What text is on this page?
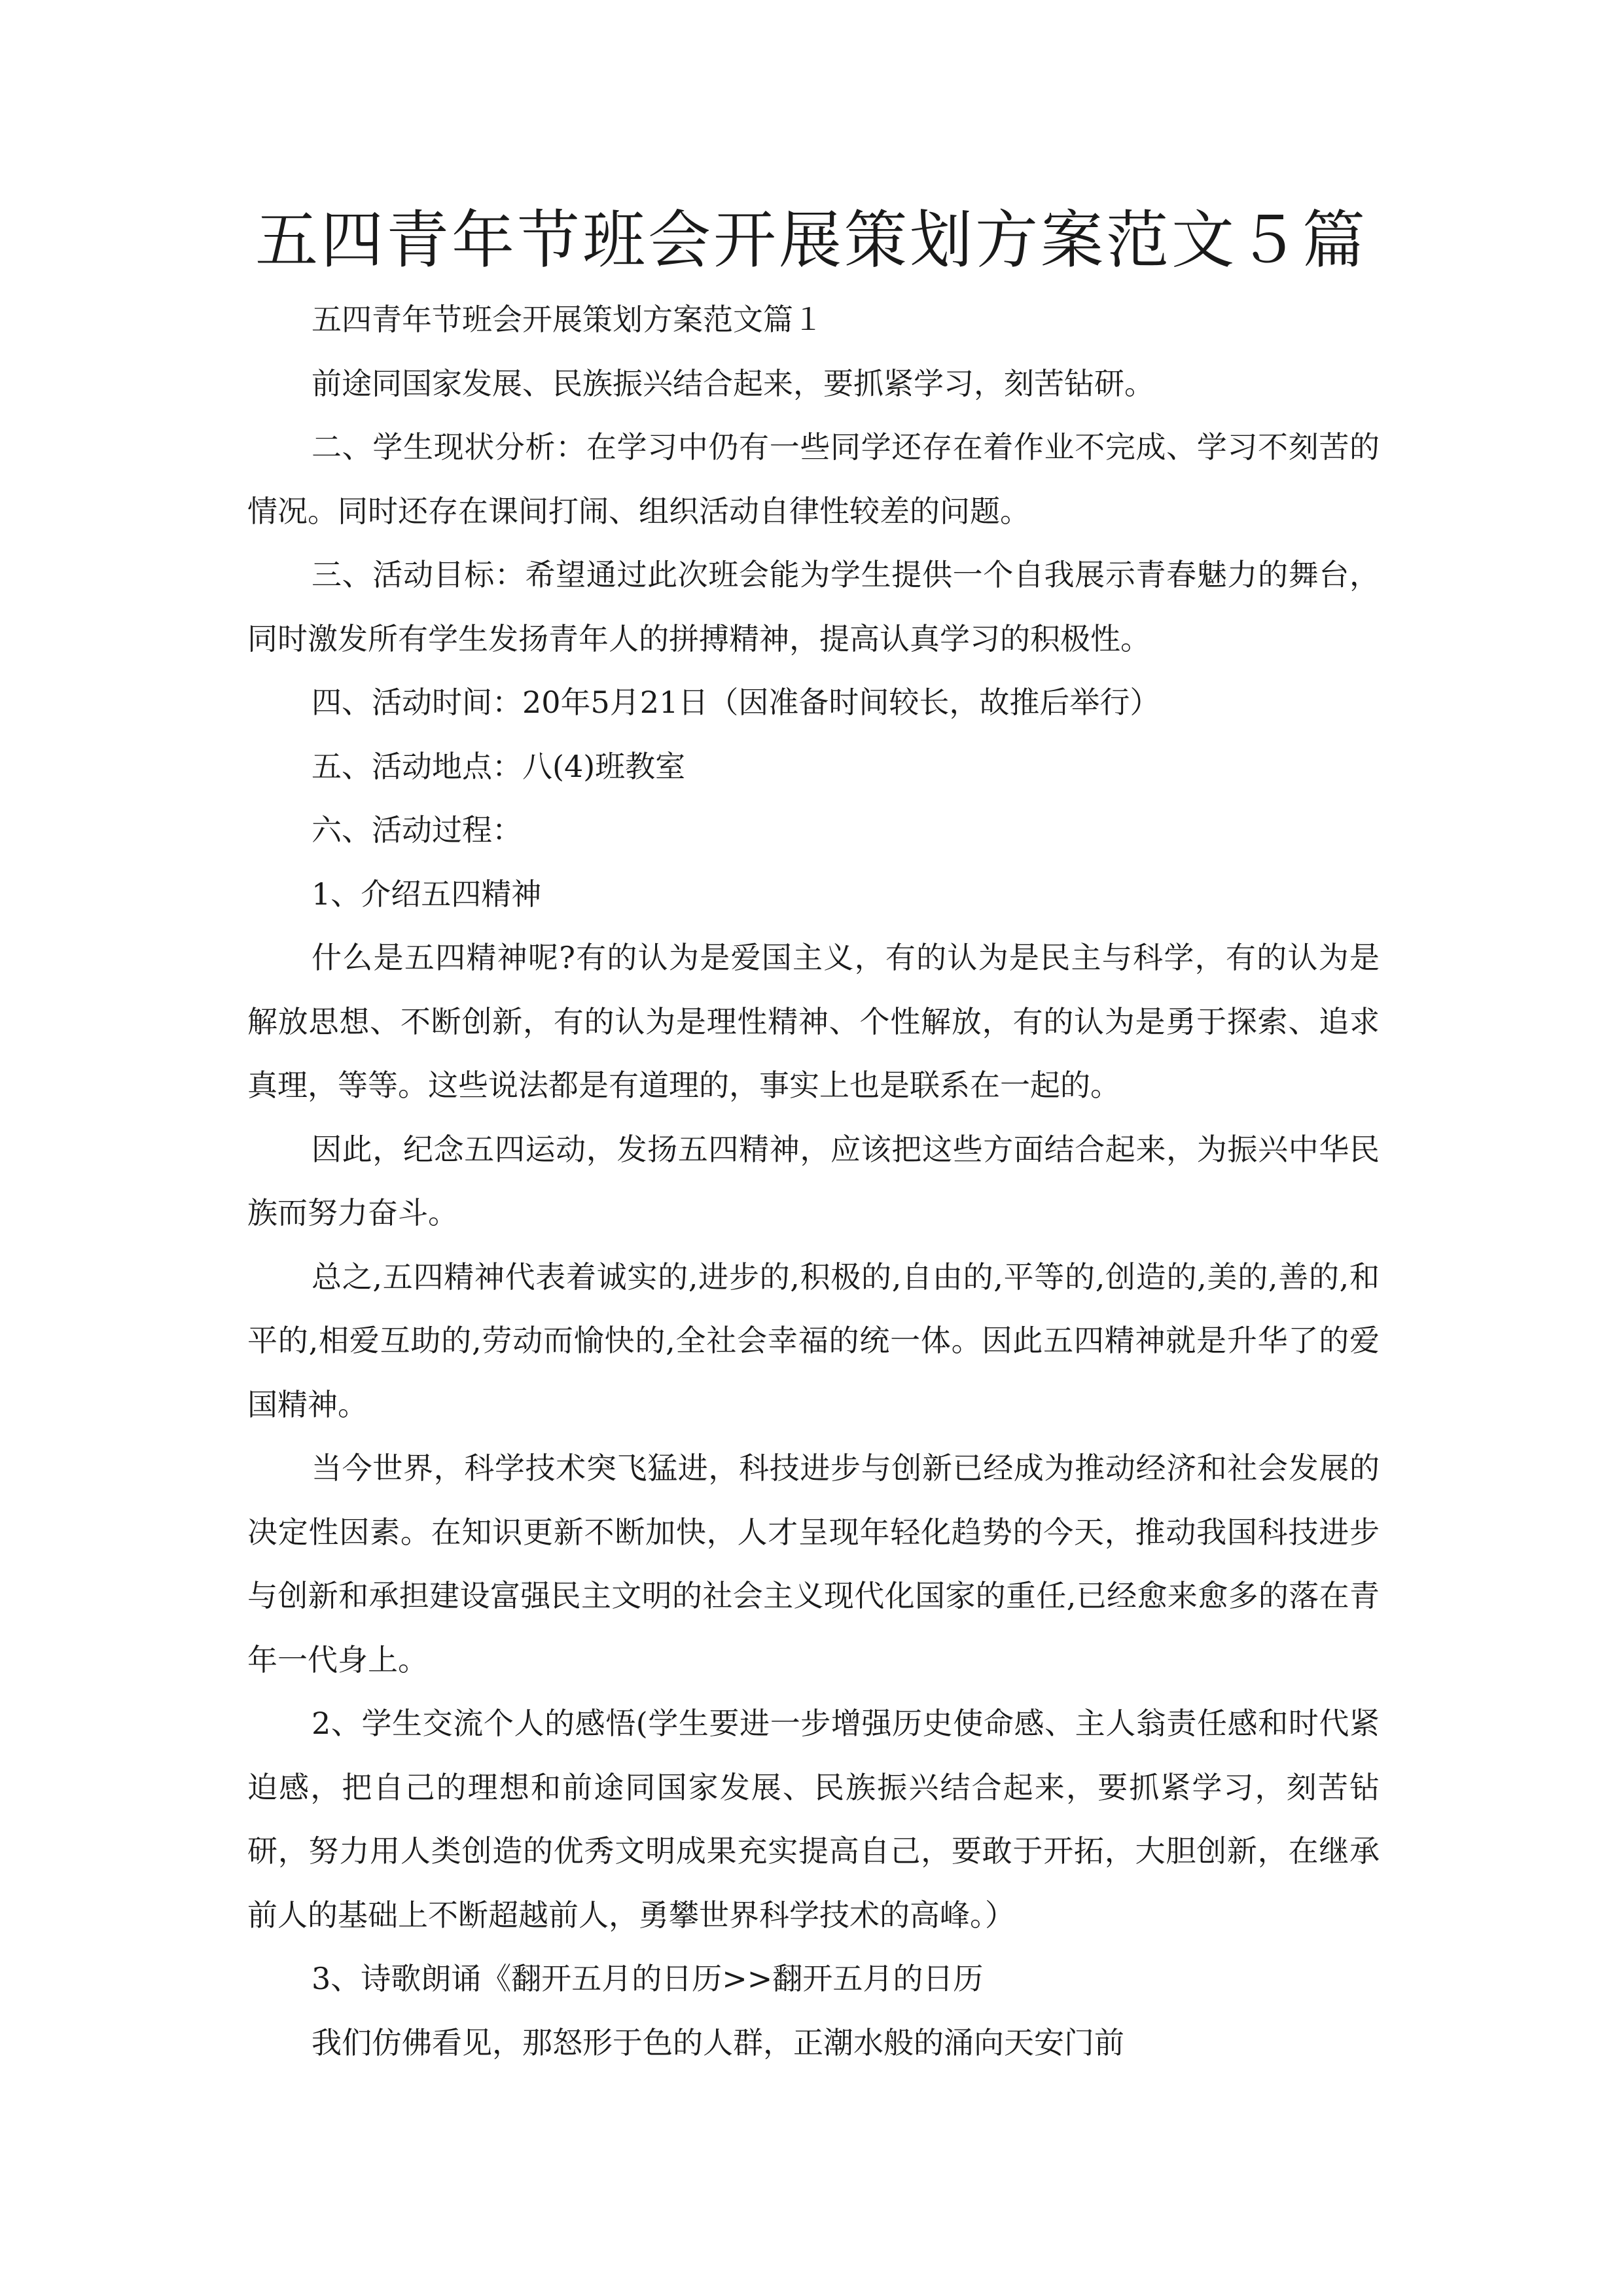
五四青年节班会开展策划方案范文５篇

五四青年节班会开展策划方案范文篇１

前途同国家发展、民族振兴结合起来，要抓紧学习，刻苦钻研。

二、学生现状分析：在学习中仍有一些同学还存在着作业不完成、学习不刻苦的情况。同时还存在课间打闹、组织活动自律性较差的问题。

三、活动目标：希望通过此次班会能为学生提供一个自我展示青春魅力的舞台，同时激发所有学生发扬青年人的拼搏精神，提高认真学习的积极性。

四、活动时间：20年5月21日（因准备时间较长，故推后举行）

五、活动地点：八(4)班教室

六、活动过程：

1、介绍五四精神

什么是五四精神呢?有的认为是爱国主义，有的认为是民主与科学，有的认为是解放思想、不断创新，有的认为是理性精神、个性解放，有的认为是勇于探索、追求真理，等等。这些说法都是有道理的，事实上也是联系在一起的。

因此，纪念五四运动，发扬五四精神，应该把这些方面结合起来，为振兴中华民族而努力奋斗。

总之,五四精神代表着诚实的,进步的,积极的,自由的,平等的,创造的,美的,善的,和平的,相爱互助的,劳动而愉快的,全社会幸福的统一体。因此五四精神就是升华了的爱国精神。

当今世界，科学技术突飞猛进，科技进步与创新已经成为推动经济和社会发展的决定性因素。在知识更新不断加快，人才呈现年轻化趋势的今天，推动我国科技进步与创新和承担建设富强民主文明的社会主义现代化国家的重任,已经愈来愈多的落在青年一代身上。

2、学生交流个人的感悟(学生要进一步增强历史使命感、主人翁责任感和时代紧迫感，把自己的理想和前途同国家发展、民族振兴结合起来，要抓紧学习，刻苦钻研，努力用人类创造的优秀文明成果充实提高自己，要敢于开拓，大胆创新，在继承前人的基础上不断超越前人，勇攀世界科学技术的高峰。）

3、诗歌朗诵《翻开五月的日历>>翻开五月的日历

我们仿佛看见，那怒形于色的人群，正潮水般的涌向天安门前
